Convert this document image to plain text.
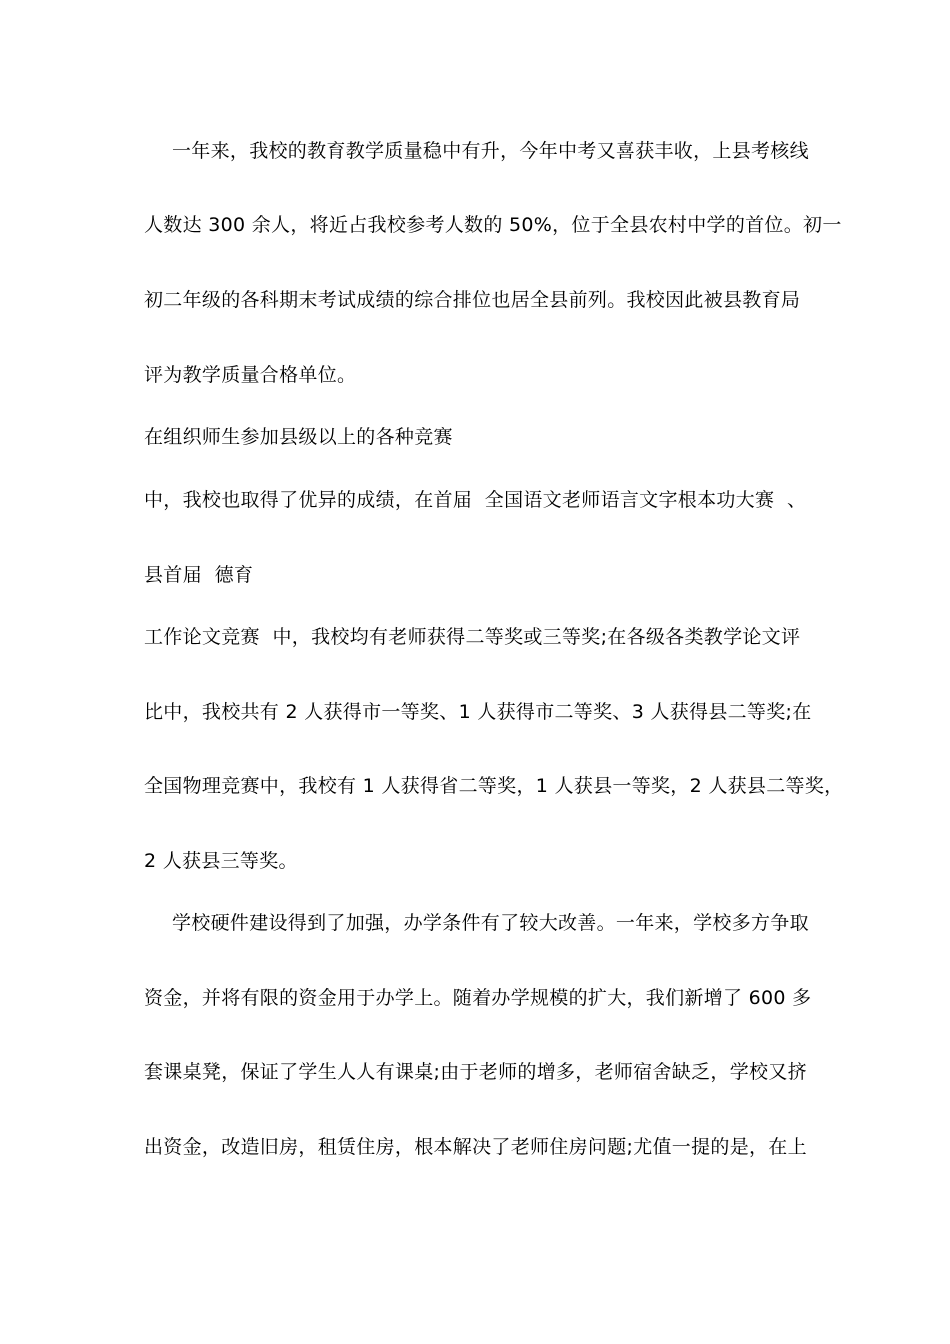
一年来，我校的教育教学质量稳中有升，今年中考又喜获丰收，上县考核线
人数达 300 余人，将近占我校参考人数的 50%，位于全县农村中学的首位。初一
初二年级的各科期末考试成绩的综合排位也居全县前列。我校因此被县教育局
评为教学质量合格单位。
在组织师生参加县级以上的各种竞赛
中，我校也取得了优异的成绩，在首届  全国语文老师语言文字根本功大赛  、
县首届  德育
工作论文竞赛  中，我校均有老师获得二等奖或三等奖;在各级各类教学论文评
比中，我校共有 2 人获得市一等奖、1 人获得市二等奖、3 人获得县二等奖;在
全国物理竞赛中，我校有 1 人获得省二等奖，1 人获县一等奖，2 人获县二等奖，
2 人获县三等奖。
学校硬件建设得到了加强，办学条件有了较大改善。一年来，学校多方争取
资金，并将有限的资金用于办学上。随着办学规模的扩大，我们新增了 600 多
套课桌凳，保证了学生人人有课桌;由于老师的增多，老师宿舍缺乏，学校又挤
出资金，改造旧房，租赁住房，根本解决了老师住房问题;尤值一提的是，在上
